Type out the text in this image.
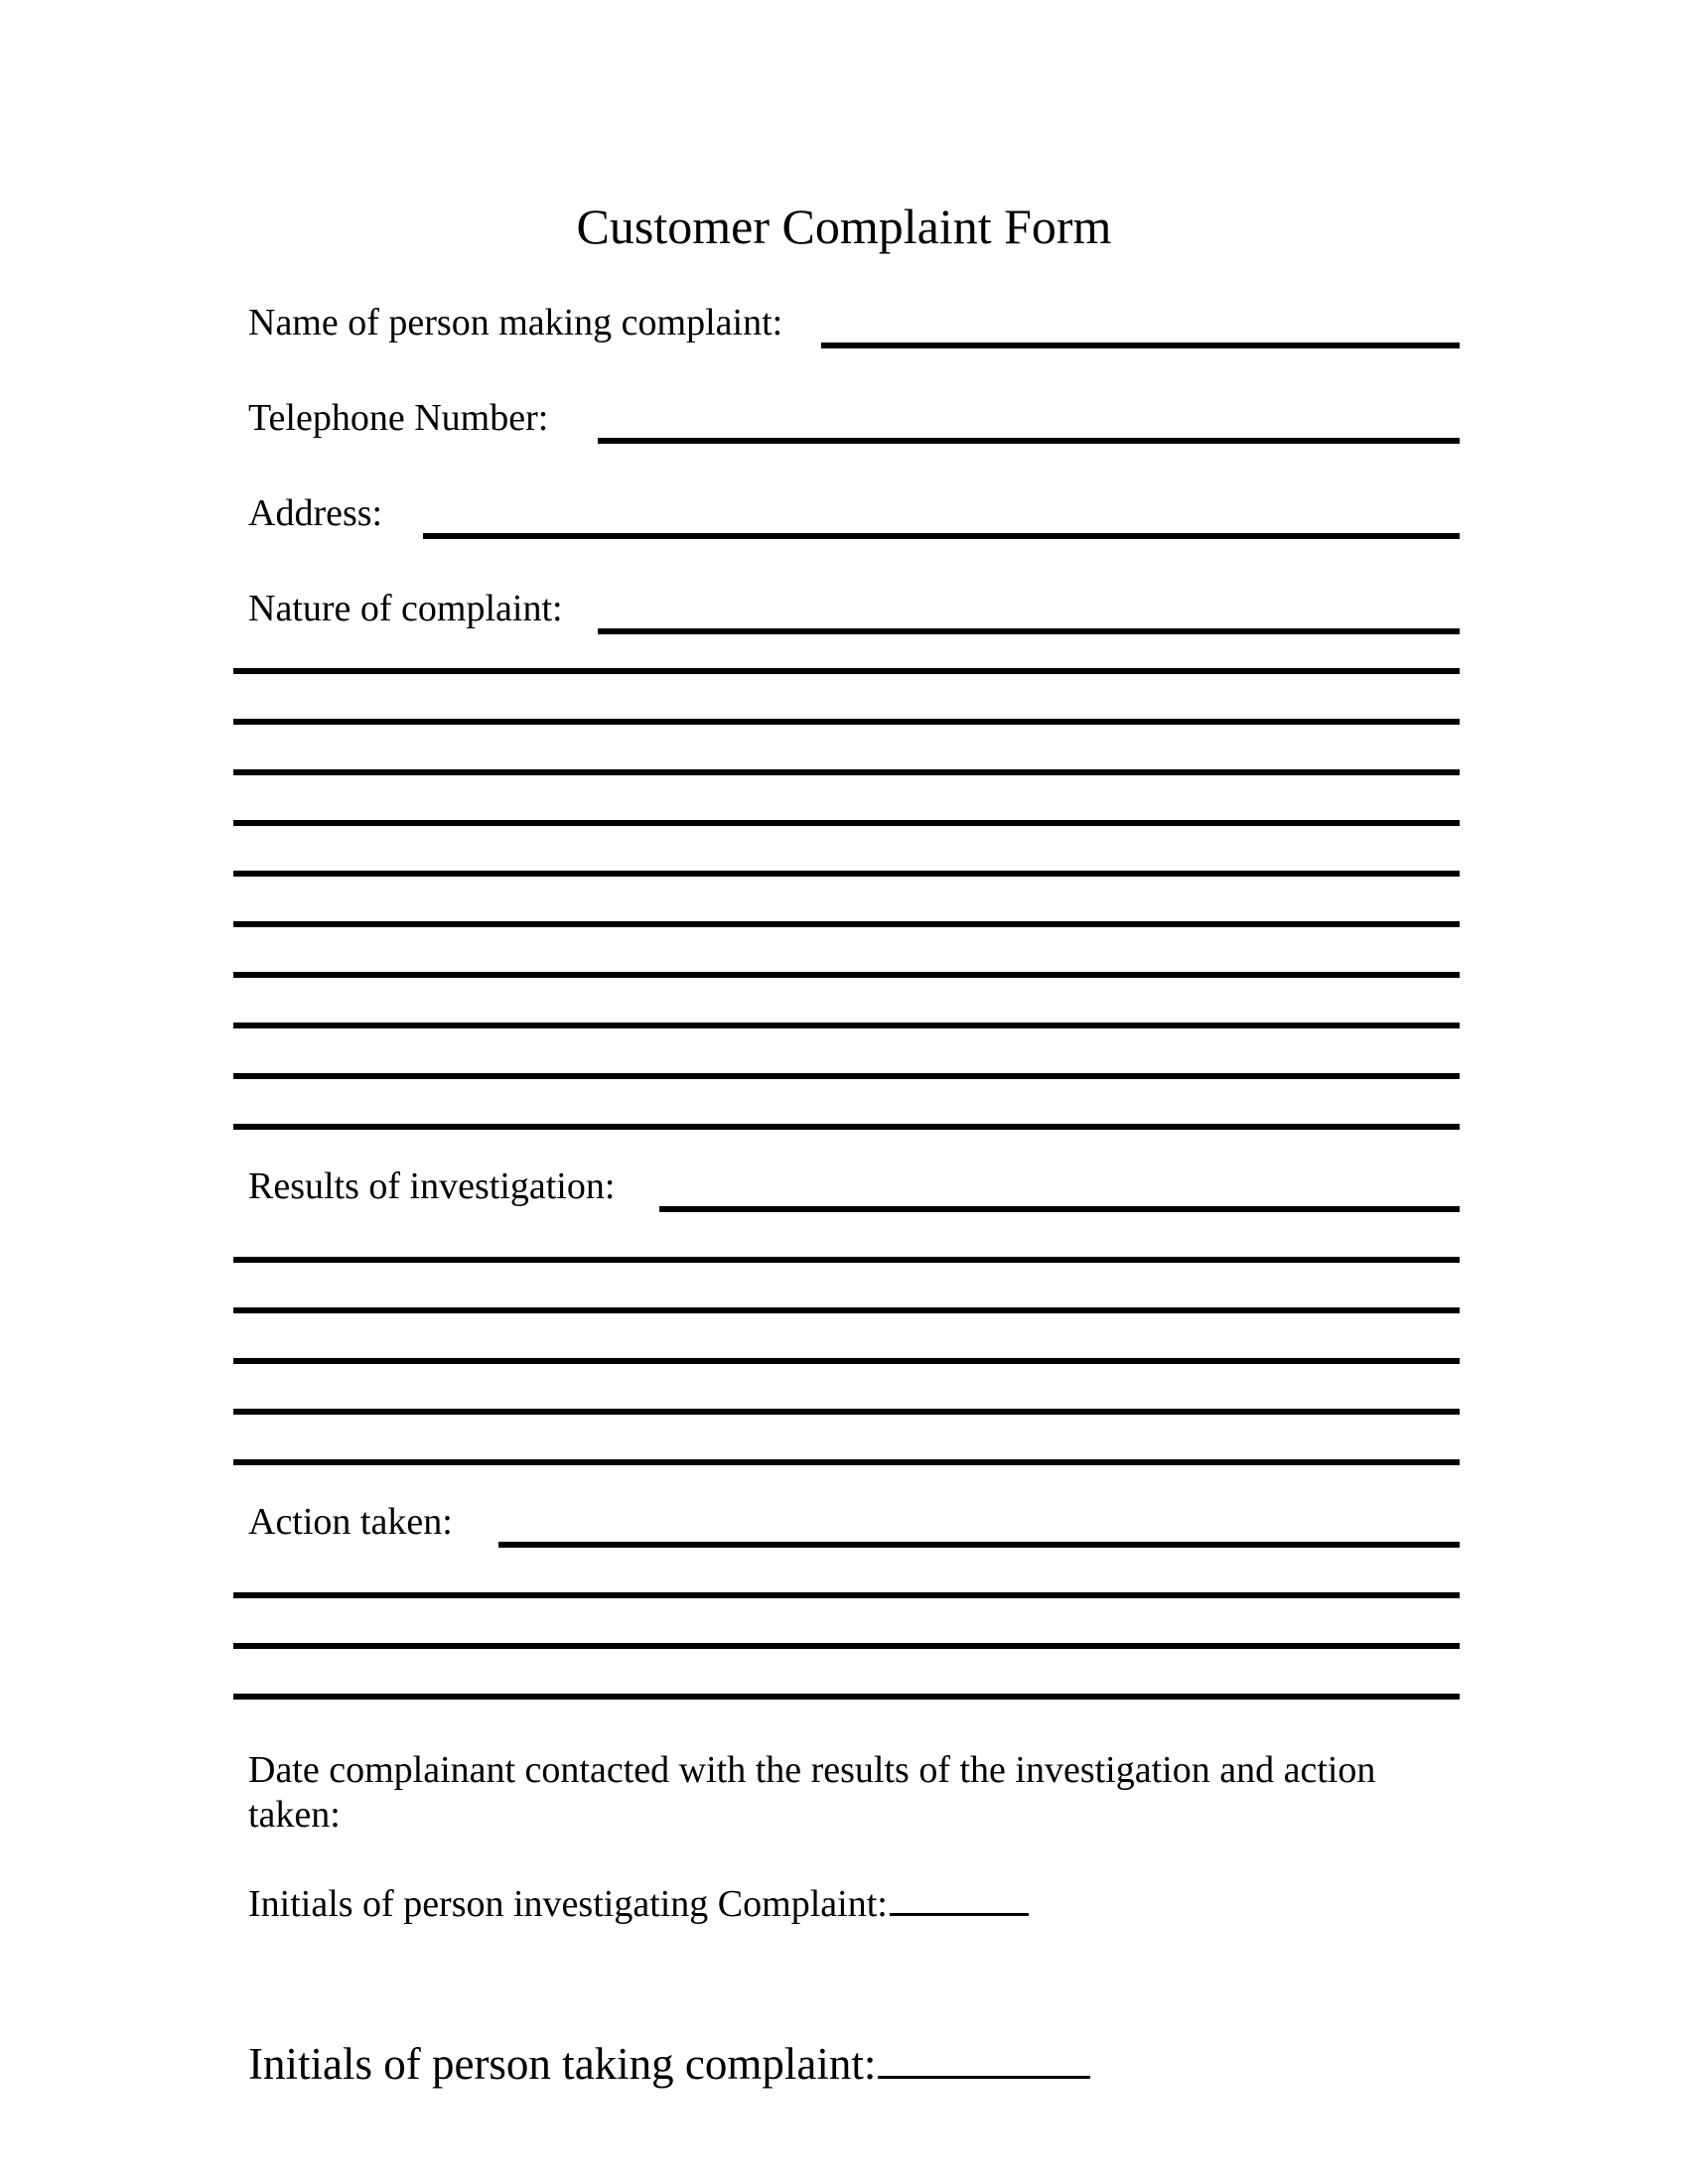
Customer Complaint Form
Name of person making complaint:
Telephone Number:
Address:
Nature of complaint:
Results of investigation:
Action taken:
Date complainant contacted with the results of the investigation and action
taken:
Initials of person investigating Complaint:
Initials of person taking complaint:
